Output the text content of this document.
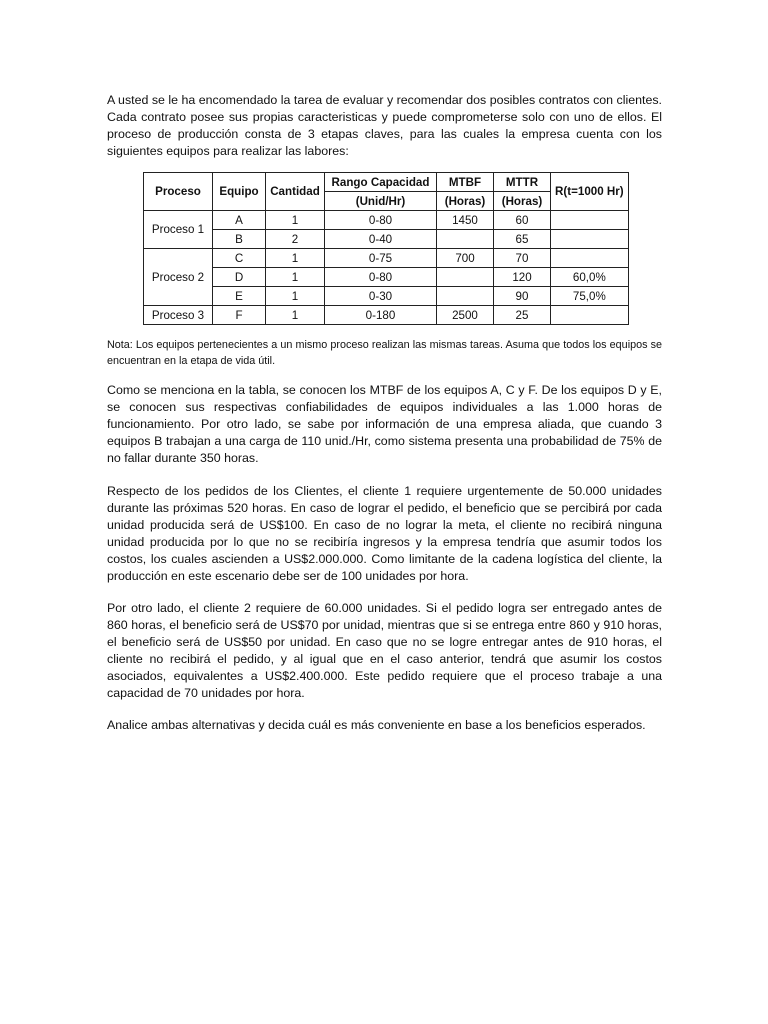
A usted se le ha encomendado la tarea de evaluar y recomendar dos posibles contratos con clientes. Cada contrato posee sus propias caracteristicas y puede comprometerse solo con uno de ellos. El proceso de producción consta de 3 etapas claves, para las cuales la empresa cuenta con los siguientes equipos para realizar las labores:

Proceso	Equipo	Cantidad	Rango Capacidad	MTBF	MTTR	R(t=1000 Hr)
			(Unid/Hr)	(Horas)	(Horas)	
Proceso 1	A	1	0-80	1450	60	
	B	2	0-40		65	
Proceso 2	C	1	0-75	700	70	
	D	1	0-80		120	60,0%
	E	1	0-30		90	75,0%
Proceso 3	F	1	0-180	2500	25	

Nota: Los equipos pertenecientes a un mismo proceso realizan las mismas tareas. Asuma que todos los equipos se encuentran en la etapa de vida útil.

Como se menciona en la tabla, se conocen los MTBF de los equipos A, C y F. De los equipos D y E, se conocen sus respectivas confiabilidades de equipos individuales a las 1.000 horas de funcionamiento. Por otro lado, se sabe por información de una empresa aliada, que cuando 3 equipos B trabajan a una carga de 110 unid./Hr, como sistema presenta una probabilidad de 75% de no fallar durante 350 horas.

Respecto de los pedidos de los Clientes, el cliente 1 requiere urgentemente de 50.000 unidades durante las próximas 520 horas. En caso de lograr el pedido, el beneficio que se percibirá por cada unidad producida será de US$100. En caso de no lograr la meta, el cliente no recibirá ninguna unidad producida por lo que no se recibiría ingresos y la empresa tendría que asumir todos los costos, los cuales ascienden a US$2.000.000. Como limitante de la cadena logística del cliente, la producción en este escenario debe ser de 100 unidades por hora.

Por otro lado, el cliente 2 requiere de 60.000 unidades. Si el pedido logra ser entregado antes de 860 horas, el beneficio será de US$70 por unidad, mientras que si se entrega entre 860 y 910 horas, el beneficio será de US$50 por unidad. En caso que no se logre entregar antes de 910 horas, el cliente no recibirá el pedido, y al igual que en el caso anterior, tendrá que asumir los costos asociados, equivalentes a US$2.400.000. Este pedido requiere que el proceso trabaje a una capacidad de 70 unidades por hora.

Analice ambas alternativas y decida cuál es más conveniente en base a los beneficios esperados.
